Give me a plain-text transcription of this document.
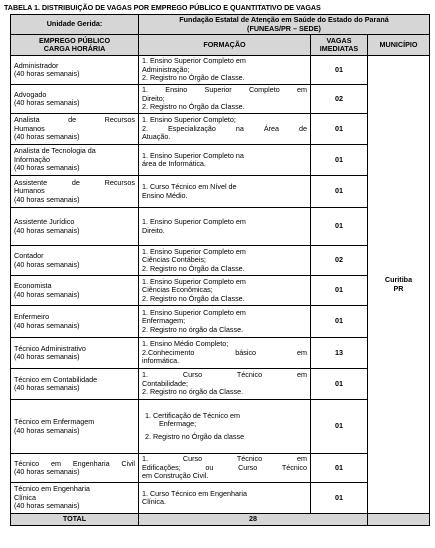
TABELA 1. DISTRIBUIÇÃO DE VAGAS POR EMPREGO PÚBLICO E QUANTITATIVO DE VAGAS
Unidade Gerida:	Fundação Estatal de Atenção em Saúde do Estado do Paraná
(FUNEAS/PR – SEDE)		

EMPREGO PÚBLICO
CARGA HORÁRIA	FORMAÇÃO	VAGAS
IMEDIATAS	MUNICÍPIO

Administrador
(40 horas semanais)	1. Ensino Superior Completo em
Administração;
2. Registro no Órgão de Classe.	01	Curitiba
PR

Advogado
(40 horas semanais)	1. Ensino Superior Completo em
Direito;
2. Registro no Órgão da Classe.	02	

Analista de Recursos
Humanos
(40 horas semanais)	1. Ensino Superior Completo;
2. Especialização na Área de
Atuação.	01	

Analista de Tecnologia da
Informação
(40 horas semanais)	1. Ensino Superior Completo na
área de Informática.	01	

Assistente de Recursos
Humanos
(40 horas semanais)	1. Curso Técnico em Nível de
Ensino Médio.	01	

Assistente Jurídico
(40 horas semanais)	1. Ensino Superior Completo em
Direito.	01	

Contador
(40 horas semanais)	1. Ensino Superior Completo em
Ciências Contábeis;
2. Registro no Órgão da Classe.	02	

Economista
(40 horas semanais)	1. Ensino Superior Completo em
Ciências Econômicas;
2. Registro no Órgão da Classe.	01	

Enfermeiro
(40 horas semanais)	1. Ensino Superior Completo em
Enfermagem;
2. Registro no órgão da Classe.	01	

Técnico Administrativo
(40 horas semanais)	1. Ensino Médio Completo;
2.Conhecimento básico em
informática.	13	

Técnico em Contabilidade
(40 horas semanais)	1. Curso Técnico em
Contabilidade;
2. Registro no órgão da Classe.	01	

Técnico em Enfermagem
(40 horas semanais)	1. Certificação de Técnico em
Enfermage;
2. Registro no Órgão da classe	01	

Técnico em Engenharia Civil
(40 horas semanais)	1. Curso Técnico em
Edificações; ou Curso Técnico
em Construção Civil.	01	

Técnico em Engenharia
Clínica
(40 horas semanais)	1. Curso Técnico em Engenharia
Clínica.	01	
TOTAL	28		
